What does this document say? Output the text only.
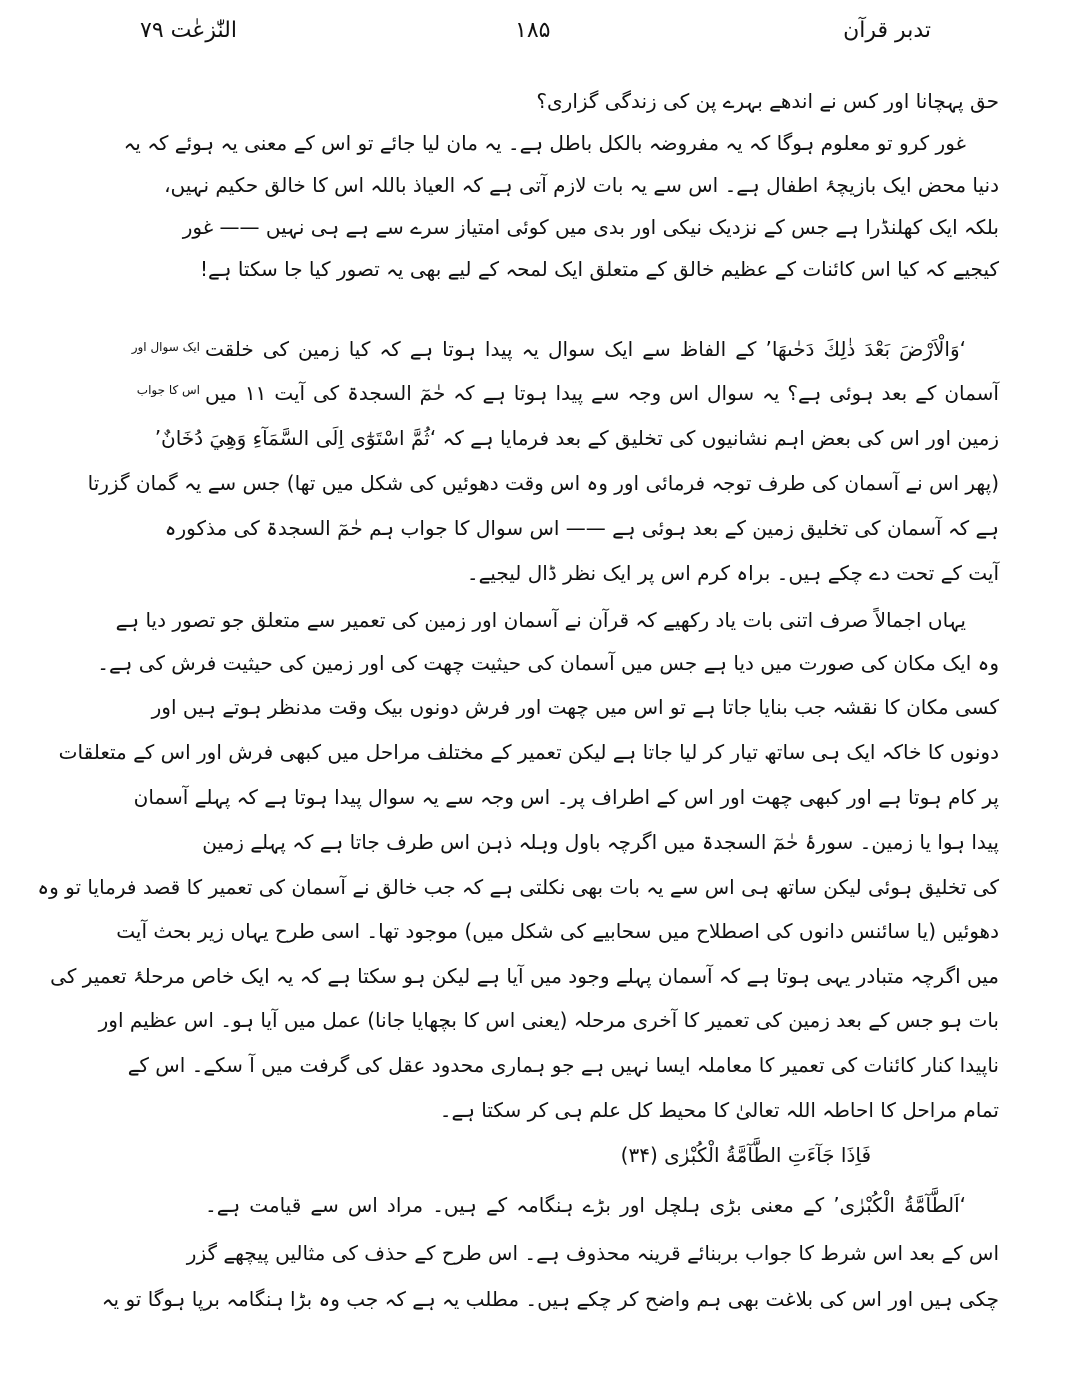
تدبر قرآن
۱۸۵
النّٰزعٰت ۷۹
ایک سوال اور
اس کا جواب
حق پہچانا اور کس نے اندھے بہرے پن کی زندگی گزاری؟
غور کرو تو معلوم ہوگا کہ یہ مفروضہ بالکل باطل ہے۔ یہ مان لیا جائے تو اس کے معنی یہ ہوئے کہ یہ
دنیا محض ایک بازیچۂ اطفال ہے۔ اس سے یہ بات لازم آتی ہے کہ العیاذ باللہ اس کا خالق حکیم نہیں،
بلکہ ایک کھلنڈرا ہے جس کے نزدیک نیکی اور بدی میں کوئی امتیاز سرے سے ہے ہی نہیں —— غور
کیجیے کہ کیا اس کائنات کے عظیم خالق کے متعلق ایک لمحہ کے لیے بھی یہ تصور کیا جا سکتا ہے!
‘وَالْاَرْضَ بَعْدَ ذٰلِكَ دَحٰىهَا’ کے الفاظ سے ایک سوال یہ پیدا ہوتا ہے کہ کیا زمین کی خلقت
آسمان کے بعد ہوئی ہے؟ یہ سوال اس وجہ سے پیدا ہوتا ہے کہ حٰمٓ السجدۃ کی آیت ۱۱ میں
زمین اور اس کی بعض اہم نشانیوں کی تخلیق کے بعد فرمایا ہے کہ ‘ثُمَّ اسْتَوٰٓى اِلَى السَّمَآءِ وَهِيَ دُخَانٌ’
(پھر اس نے آسمان کی طرف توجہ فرمائی اور وہ اس وقت دھوئیں کی شکل میں تھا) جس سے یہ گمان گزرتا
ہے کہ آسمان کی تخلیق زمین کے بعد ہوئی ہے —— اس سوال کا جواب ہم حٰمٓ السجدۃ کی مذکورہ
آیت کے تحت دے چکے ہیں۔ براہ کرم اس پر ایک نظر ڈال لیجیے۔
یہاں اجمالاً صرف اتنی بات یاد رکھیے کہ قرآن نے آسمان اور زمین کی تعمیر سے متعلق جو تصور دیا ہے
وہ ایک مکان کی صورت میں دیا ہے جس میں آسمان کی حیثیت چھت کی اور زمین کی حیثیت فرش کی ہے۔
کسی مکان کا نقشہ جب بنایا جاتا ہے تو اس میں چھت اور فرش دونوں بیک وقت مدنظر ہوتے ہیں اور
دونوں کا خاکہ ایک ہی ساتھ تیار کر لیا جاتا ہے لیکن تعمیر کے مختلف مراحل میں کبھی فرش اور اس کے متعلقات
پر کام ہوتا ہے اور کبھی چھت اور اس کے اطراف پر۔ اس وجہ سے یہ سوال پیدا ہوتا ہے کہ پہلے آسمان
پیدا ہوا یا زمین۔ سورۂ حٰمٓ السجدۃ میں اگرچہ باول وہلہ ذہن اس طرف جاتا ہے کہ پہلے زمین
کی تخلیق ہوئی لیکن ساتھ ہی اس سے یہ بات بھی نکلتی ہے کہ جب خالق نے آسمان کی تعمیر کا قصد فرمایا تو وہ
دھوئیں (یا سائنس دانوں کی اصطلاح میں سحابیے کی شکل میں) موجود تھا۔ اسی طرح یہاں زیر بحث آیت
میں اگرچہ متبادر یہی ہوتا ہے کہ آسمان پہلے وجود میں آیا ہے لیکن ہو سکتا ہے کہ یہ ایک خاص مرحلۂ تعمیر کی
بات ہو جس کے بعد زمین کی تعمیر کا آخری مرحلہ (یعنی اس کا بچھایا جانا) عمل میں آیا ہو۔ اس عظیم اور
ناپیدا کنار کائنات کی تعمیر کا معاملہ ایسا نہیں ہے جو ہماری محدود عقل کی گرفت میں آ سکے۔ اس کے
تمام مراحل کا احاطہ اللہ تعالیٰ کا محیط کل علم ہی کر سکتا ہے۔
فَاِذَا جَآءَتِ الطَّآمَّةُ الْكُبْرٰى (۳۴)
‘اَلطَّآمَّةُ الْكُبْرٰى’ کے معنی بڑی ہلچل اور بڑے ہنگامہ کے ہیں۔ مراد اس سے قیامت ہے۔
اس کے بعد اس شرط کا جواب بربنائے قرینہ محذوف ہے۔ اس طرح کے حذف کی مثالیں پیچھے گزر
چکی ہیں اور اس کی بلاغت بھی ہم واضح کر چکے ہیں۔ مطلب یہ ہے کہ جب وہ بڑا ہنگامہ برپا ہوگا تو یہ
